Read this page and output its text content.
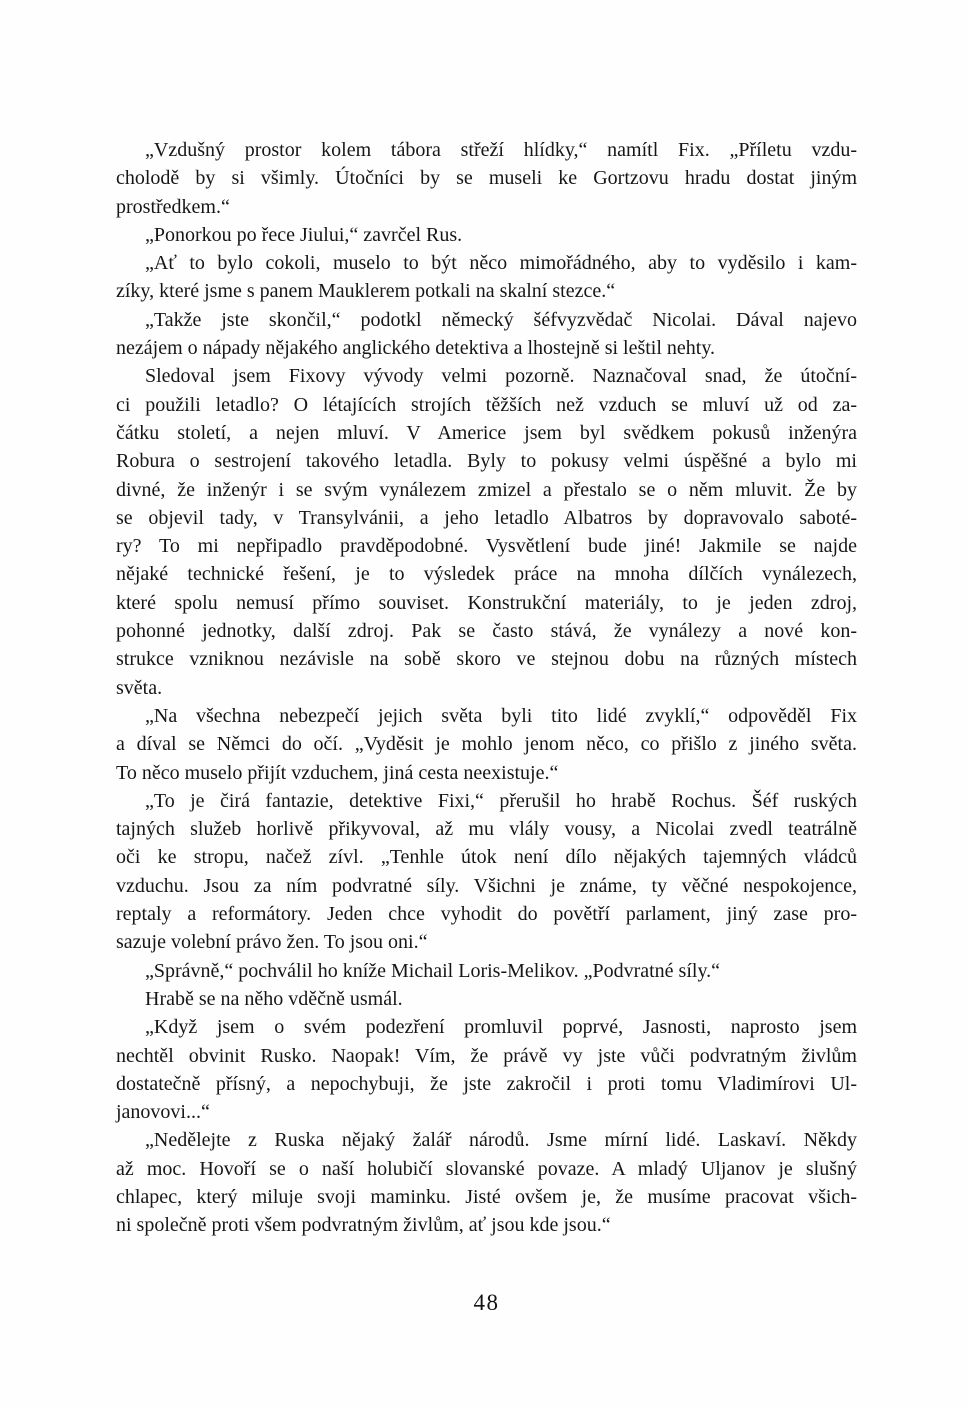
„Vzdušný prostor kolem tábora střeží hlídky,“ namítl Fix. „Příletu vzdu-
cholodě by si všimly. Útočníci by se museli ke Gortzovu hradu dostat jiným
prostředkem.“
„Ponorkou po řece Jiului,“ zavrčel Rus.
„Ať to bylo cokoli, muselo to být něco mimořádného, aby to vyděsilo i kam-
zíky, které jsme s panem Mauklerem potkali na skalní stezce.“
„Takže jste skončil,“ podotkl německý šéfvyzvědač Nicolai. Dával najevo
nezájem o nápady nějakého anglického detektiva a lhostejně si leštil nehty.
Sledoval jsem Fixovy vývody velmi pozorně. Naznačoval snad, že útoční-
ci použili letadlo? O létajících strojích těžších než vzduch se mluví už od za-
čátku století, a nejen mluví. V Americe jsem byl svědkem pokusů inženýra
Robura o sestrojení takového letadla. Byly to pokusy velmi úspěšné a bylo mi
divné, že inženýr i se svým vynálezem zmizel a přestalo se o něm mluvit. Že by
se objevil tady, v Transylvánii, a jeho letadlo Albatros by dopravovalo saboté-
ry? To mi nepřipadlo pravděpodobné. Vysvětlení bude jiné! Jakmile se najde
nějaké technické řešení, je to výsledek práce na mnoha dílčích vynálezech,
které spolu nemusí přímo souviset. Konstrukční materiály, to je jeden zdroj,
pohonné jednotky, další zdroj. Pak se často stává, že vynálezy a nové kon-
strukce vzniknou nezávisle na sobě skoro ve stejnou dobu na různých místech
světa.
„Na všechna nebezpečí jejich světa byli tito lidé zvyklí,“ odpověděl Fix
a díval se Němci do očí. „Vyděsit je mohlo jenom něco, co přišlo z jiného světa.
To něco muselo přijít vzduchem, jiná cesta neexistuje.“
„To je čirá fantazie, detektive Fixi,“ přerušil ho hrabě Rochus. Šéf ruských
tajných služeb horlivě přikyvoval, až mu vlály vousy, a Nicolai zvedl teatrálně
oči ke stropu, načež zívl. „Tenhle útok není dílo nějakých tajemných vládců
vzduchu. Jsou za ním podvratné síly. Všichni je známe, ty věčné nespokojence,
reptaly a reformátory. Jeden chce vyhodit do povětří parlament, jiný zase pro-
sazuje volební právo žen. To jsou oni.“
„Správně,“ pochválil ho kníže Michail Loris-Melikov. „Podvratné síly.“
Hrabě se na něho vděčně usmál.
„Když jsem o svém podezření promluvil poprvé, Jasnosti, naprosto jsem
nechtěl obvinit Rusko. Naopak! Vím, že právě vy jste vůči podvratným živlům
dostatečně přísný, a nepochybuji, že jste zakročil i proti tomu Vladimírovi Ul-
janovovi...“
„Nedělejte z Ruska nějaký žalář národů. Jsme mírní lidé. Laskaví. Někdy
až moc. Hovoří se o naší holubičí slovanské povaze. A mladý Uljanov je slušný
chlapec, který miluje svoji maminku. Jisté ovšem je, že musíme pracovat všich-
ni společně proti všem podvratným živlům, ať jsou kde jsou.“
48
